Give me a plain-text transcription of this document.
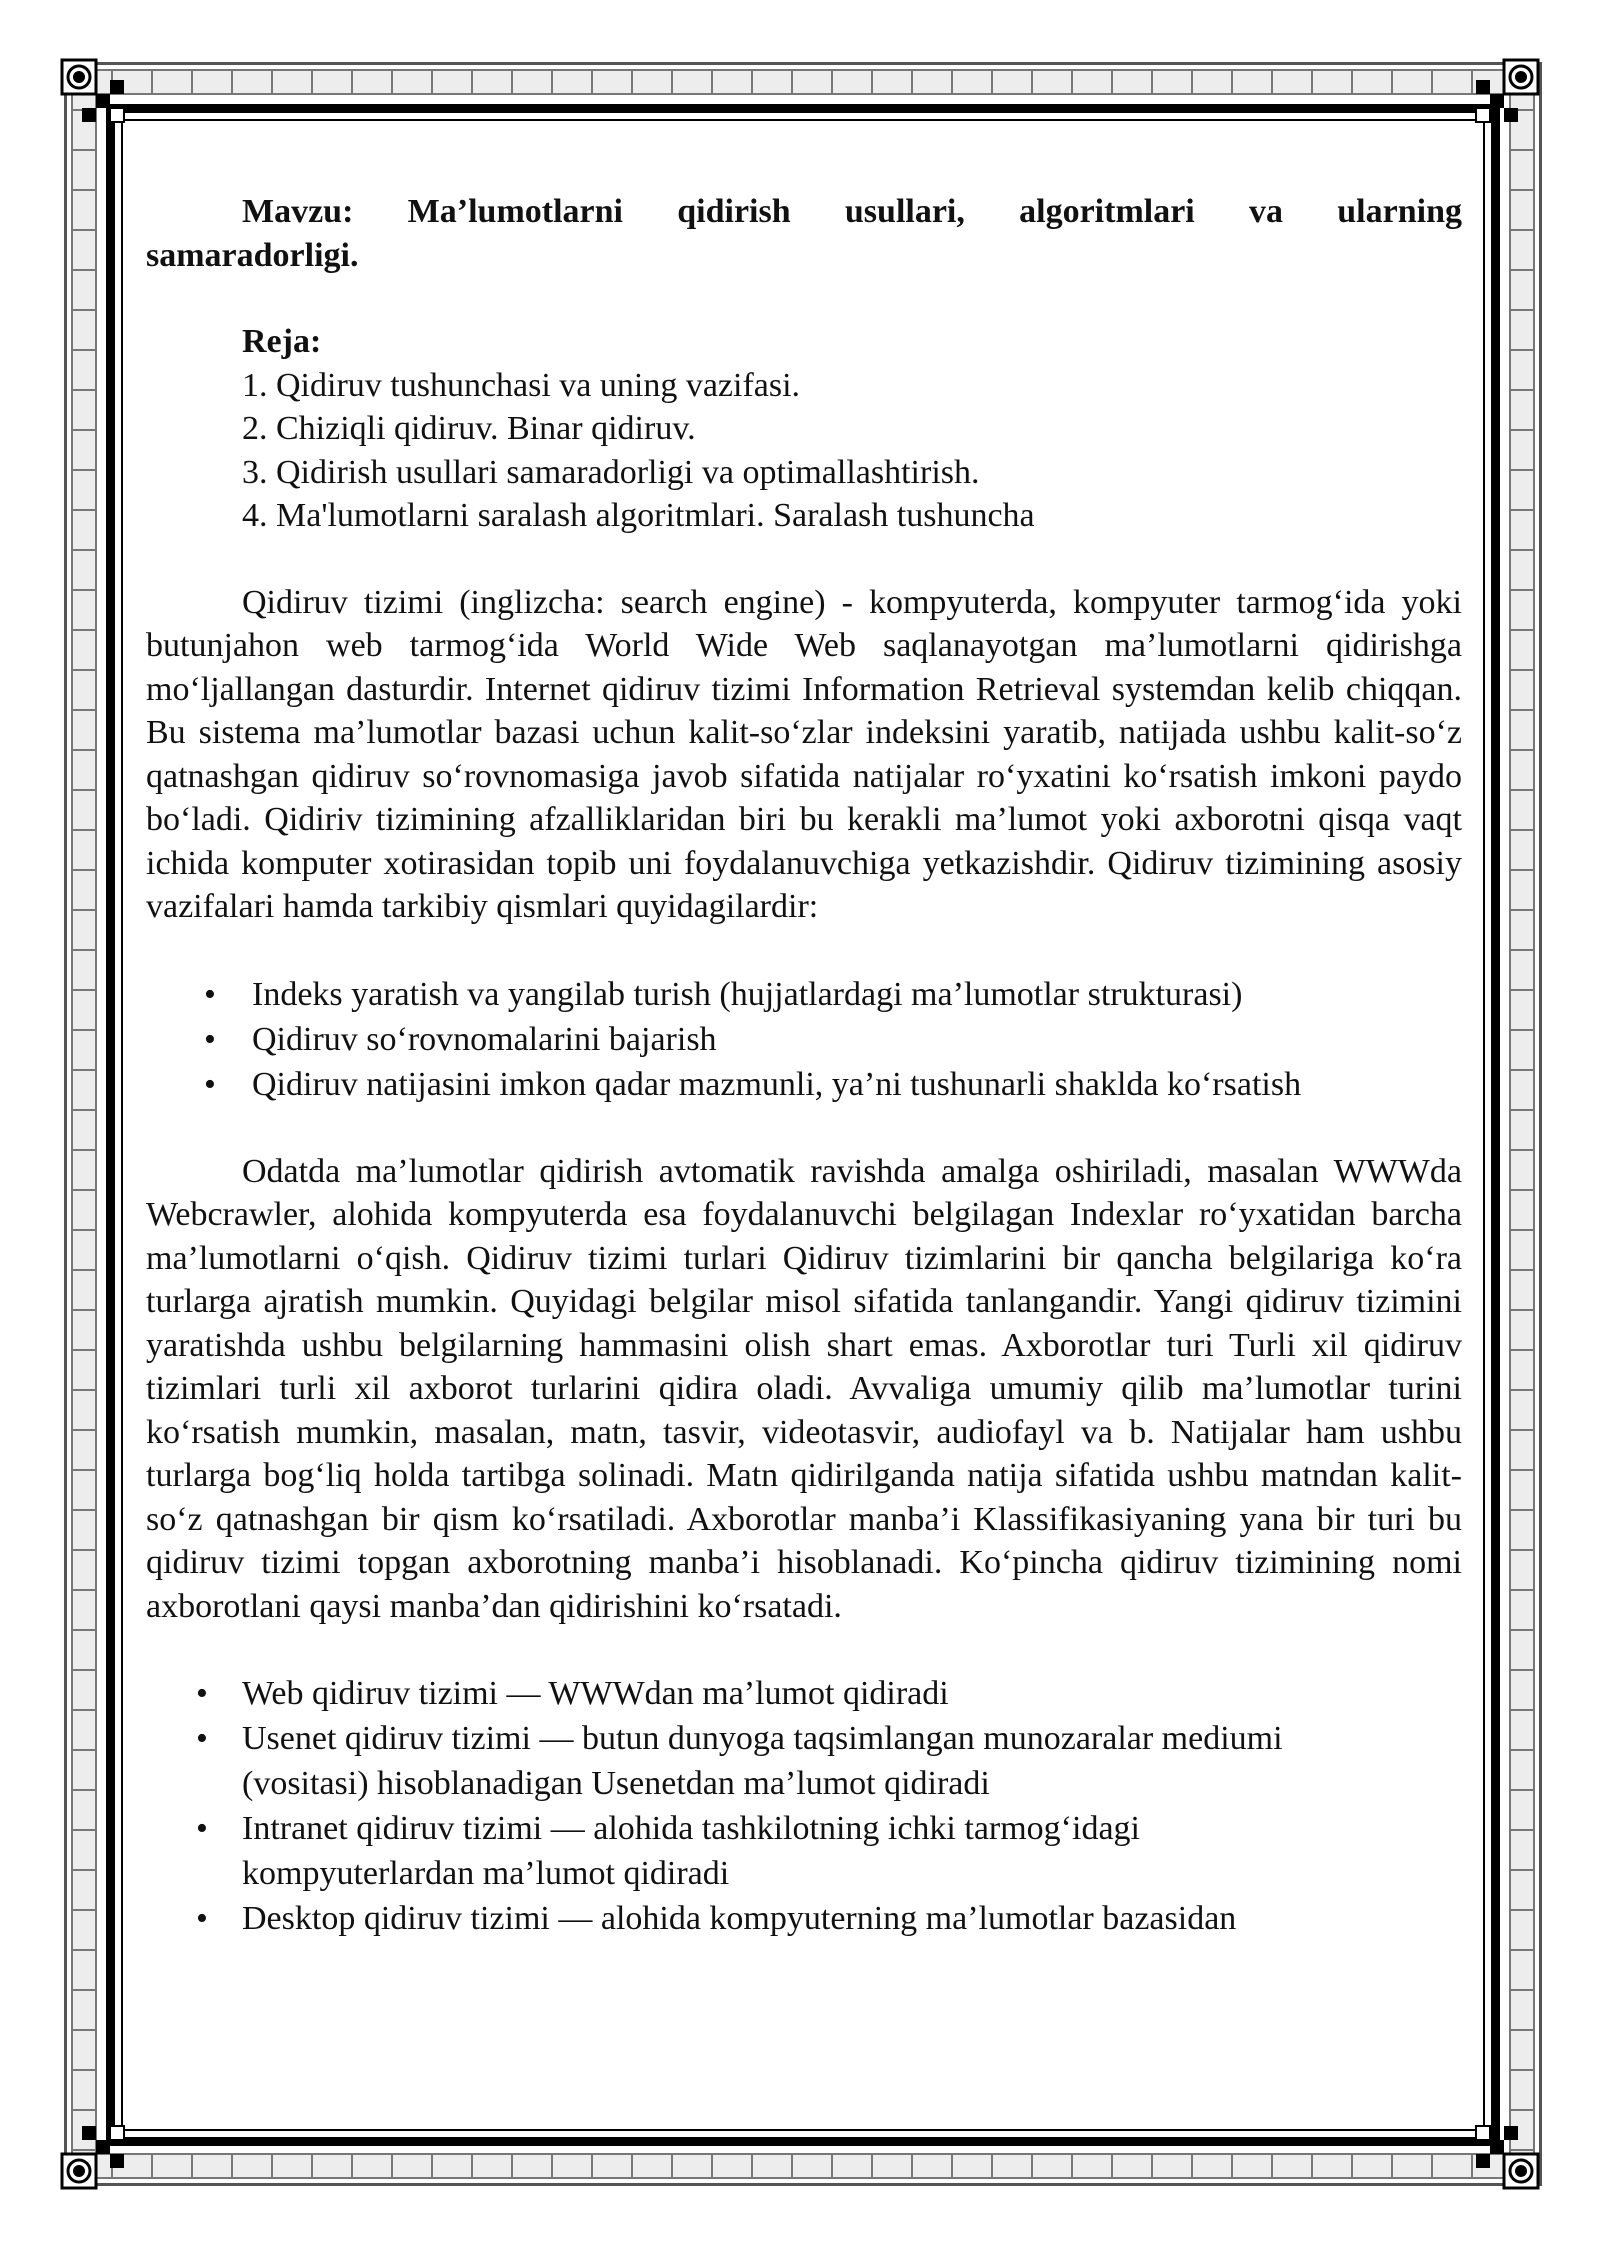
Mavzu: Ma’lumotlarni qidirish usullari, algoritmlari va ularning

samaradorligi.

Reja:

1. Qidiruv tushunchasi va uning vazifasi.

2. Chiziqli qidiruv. Binar qidiruv.

3. Qidirish usullari samaradorligi va optimallashtirish.

4. Ma'lumotlarni saralash algoritmlari. Saralash tushuncha

Qidiruv tizimi (inglizcha: search engine) - kompyuterda, kompyuter tarmog‘ida yoki butunjahon web tarmog‘ida World Wide Web saqlanayotgan ma’lumotlarni qidirishga mo‘ljallangan dasturdir. Internet qidiruv tizimi Information Retrieval systemdan kelib chiqqan. Bu sistema ma’lumotlar bazasi uchun kalit-so‘zlar indeksini yaratib, natijada ushbu kalit-so‘z qatnashgan qidiruv so‘rovnomasiga javob sifatida natijalar ro‘yxatini ko‘rsatish imkoni paydo bo‘ladi. Qidiriv tizimining afzalliklaridan biri bu kerakli ma’lumot yoki axborotni qisqa vaqt ichida komputer xotirasidan topib uni foydalanuvchiga yetkazishdir. Qidiruv tizimining asosiy vazifalari hamda tarkibiy qismlari quyidagilardir:

• Indeks yaratish va yangilab turish (hujjatlardagi ma’lumotlar strukturasi)
• Qidiruv so‘rovnomalarini bajarish
• Qidiruv natijasini imkon qadar mazmunli, ya’ni tushunarli shaklda ko‘rsatish

Odatda ma’lumotlar qidirish avtomatik ravishda amalga oshiriladi, masalan WWWda Webcrawler, alohida kompyuterda esa foydalanuvchi belgilagan Indexlar ro‘yxatidan barcha ma’lumotlarni o‘qish. Qidiruv tizimi turlari Qidiruv tizimlarini bir qancha belgilariga ko‘ra turlarga ajratish mumkin. Quyidagi belgilar misol sifatida tanlangandir. Yangi qidiruv tizimini yaratishda ushbu belgilarning hammasini olish shart emas. Axborotlar turi Turli xil qidiruv tizimlari turli xil axborot turlarini qidira oladi. Avvaliga umumiy qilib ma’lumotlar turini ko‘rsatish mumkin, masalan, matn, tasvir, videotasvir, audiofayl va b. Natijalar ham ushbu turlarga bog‘liq holda tartibga solinadi. Matn qidirilganda natija sifatida ushbu matndan kalit-so‘z qatnashgan bir qism ko‘rsatiladi. Axborotlar manba’i Klassifikasiyaning yana bir turi bu qidiruv tizimi topgan axborotning manba’i hisoblanadi. Ko‘pincha qidiruv tizimining nomi axborotlani qaysi manba’dan qidirishini ko‘rsatadi.

• Web qidiruv tizimi — WWWdan ma’lumot qidiradi
• Usenet qidiruv tizimi — butun dunyoga taqsimlangan munozaralar mediumi
(vositasi) hisoblanadigan Usenetdan ma’lumot qidiradi
• Intranet qidiruv tizimi — alohida tashkilotning ichki tarmog‘idagi
kompyuterlardan ma’lumot qidiradi
• Desktop qidiruv tizimi — alohida kompyuterning ma’lumotlar bazasidan
